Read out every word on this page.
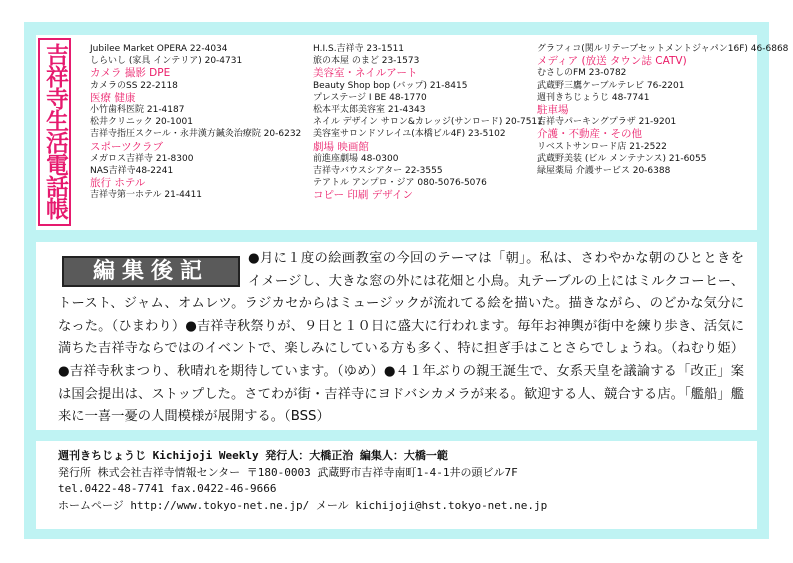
吉祥寺生活電話帳 Jubilee Market OPERA 22-4034
しらいし (家具 インテリア) 20-4731
カメラ 撮影 DPE
カメラのSS 22-2118
医療 健康
小竹歯科医院 21-4187
松井クリニック 20-1001
吉祥寺指圧スクール・永井漢方鍼灸治療院 20-6232
スポーツクラブ
メガロス吉祥寺 21-8300
NAS吉祥寺48-2241
旅行 ホテル
吉祥寺第一ホテル 21-4411
H.I.S.吉祥寺 23-1511
旅の本屋 のまど 23-1573
美容室・ネイルアート
Beauty Shop bop (バップ) 21-8415
プレステージ I BE 48-1770
松本平太郎美容室 21-4343
ネイル デザイン サロン&カレッジ(サンロード) 20-7511
美容室サロンドソレイユ(本橋ビル4F) 23-5102
劇場 映画館
前進座劇場 48-0300
吉祥寺バウスシアター 22-3555
テアトル アンプロ・ジア 080-5076-5076
コピー 印刷 デザイン
グラフィコ(関ルリテーブセットメントジャパン16F) 46-6868
メディア (放送 タウン誌 CATV)
むさしのFM 23-0782
武蔵野三鷹ケーブルテレビ 76-2201
週刊きちじょうじ 48-7741
駐車場
吉祥寺パーキングプラザ 21-9201
介護・不動産・その他
リベストサンロード店 21-2522
武蔵野美装 (ビル メンテナンス) 21-6055
緑屋薬局 介護サービス 20-6388
編集後記
●月に１度の絵画教室の今回のテーマは「朝」。私は、さわやかな朝のひとときをイメージし、大きな窓の外には花畑と小鳥。丸テーブルの上にはミルクコーヒー、トースト、ジャム、オムレツ。ラジカセからはミュージックが流れてる絵を描いた。描きながら、のどかな気分になった。（ひまわり）●吉祥寺秋祭りが、９日と１０日に盛大に行われます。毎年お神輿が街中を練り歩き、活気に満ちた吉祥寺ならではのイベントで、楽しみにしている方も多く、特に担ぎ手はことさらでしょうね。（ねむり姫）●吉祥寺秋まつり、秋晴れを期待しています。（ゆめ）●４１年ぶりの親王誕生で、女系天皇を議論する「改正」案は国会提出は、ストップした。さてわが街・吉祥寺にヨドバシカメラが来る。歓迎する人、競合する店。「艦船」艦来に一喜一憂の人間模様が展開する。（BSS）
週刊きちじょうじ Kichijoji Weekly 発行人：大橋正治 編集人：大橋一範
発行所 株式会社吉祥寺情報センター 〒180-0003 武蔵野市吉祥寺南町1-4-1井の頭ビル7F
tel.0422-48-7741 fax.0422-46-9666
ホームページ http://www.tokyo-net.ne.jp/ メール kichijoji@hst.tokyo-net.ne.jp
